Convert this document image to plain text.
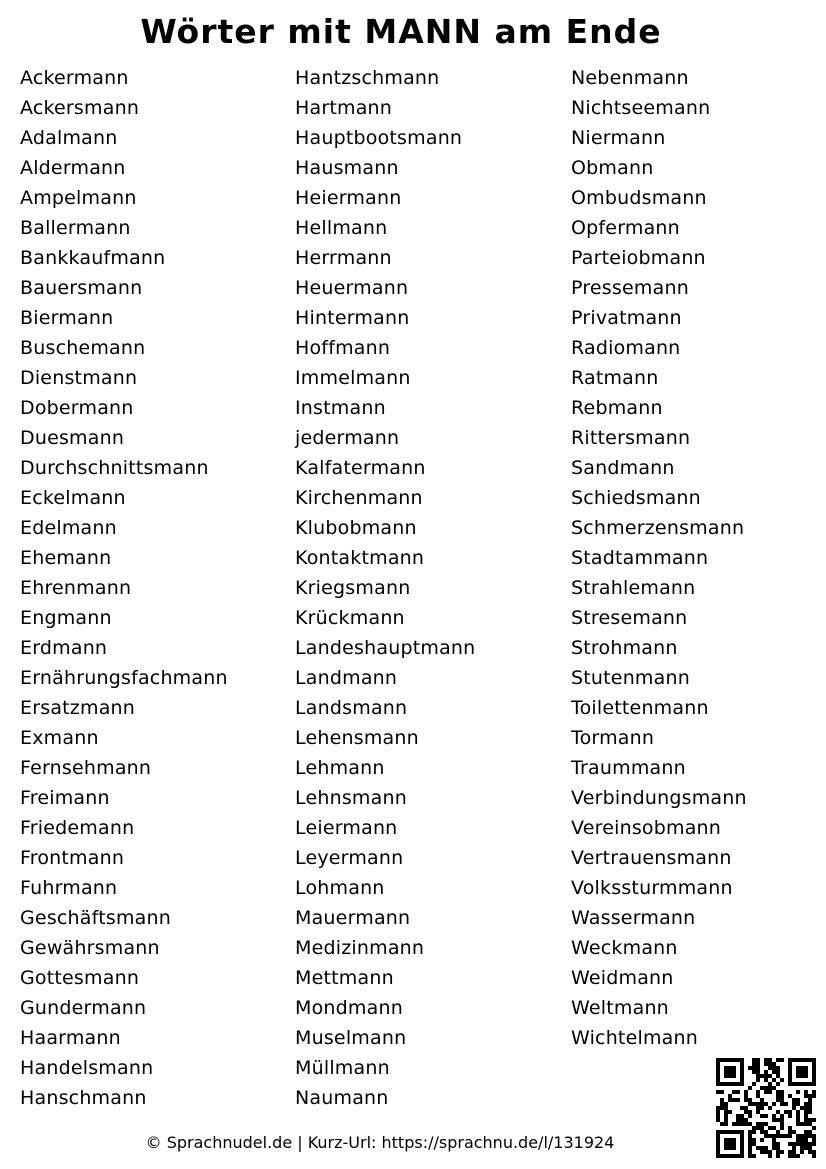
Wörter mit MANN am Ende
Ackermann
Ackersmann
Adalmann
Aldermann
Ampelmann
Ballermann
Bankkaufmann
Bauersmann
Biermann
Buschemann
Dienstmann
Dobermann
Duesmann
Durchschnittsmann
Eckelmann
Edelmann
Ehemann
Ehrenmann
Engmann
Erdmann
Ernährungsfachmann
Ersatzmann
Exmann
Fernsehmann
Freimann
Friedemann
Frontmann
Fuhrmann
Geschäftsmann
Gewährsmann
Gottesmann
Gundermann
Haarmann
Handelsmann
Hanschmann
Hantzschmann
Hartmann
Hauptbootsmann
Hausmann
Heiermann
Hellmann
Herrmann
Heuermann
Hintermann
Hoffmann
Immelmann
Instmann
jedermann
Kalfatermann
Kirchenmann
Klubobmann
Kontaktmann
Kriegsmann
Krückmann
Landeshauptmann
Landmann
Landsmann
Lehensmann
Lehmann
Lehnsmann
Leiermann
Leyermann
Lohmann
Mauermann
Medizinmann
Mettmann
Mondmann
Muselmann
Müllmann
Naumann
Nebenmann
Nichtseemann
Niermann
Obmann
Ombudsmann
Opfermann
Parteiobmann
Pressemann
Privatmann
Radiomann
Ratmann
Rebmann
Rittersmann
Sandmann
Schiedsmann
Schmerzensmann
Stadtammann
Strahlemann
Stresemann
Strohmann
Stutenmann
Toilettenmann
Tormann
Traummann
Verbindungsmann
Vereinsobmann
Vertrauensmann
Volkssturmmann
Wassermann
Weckmann
Weidmann
Weltmann
Wichtelmann
© Sprachnudel.de | Kurz-Url: https://sprachnu.de/l/131924
